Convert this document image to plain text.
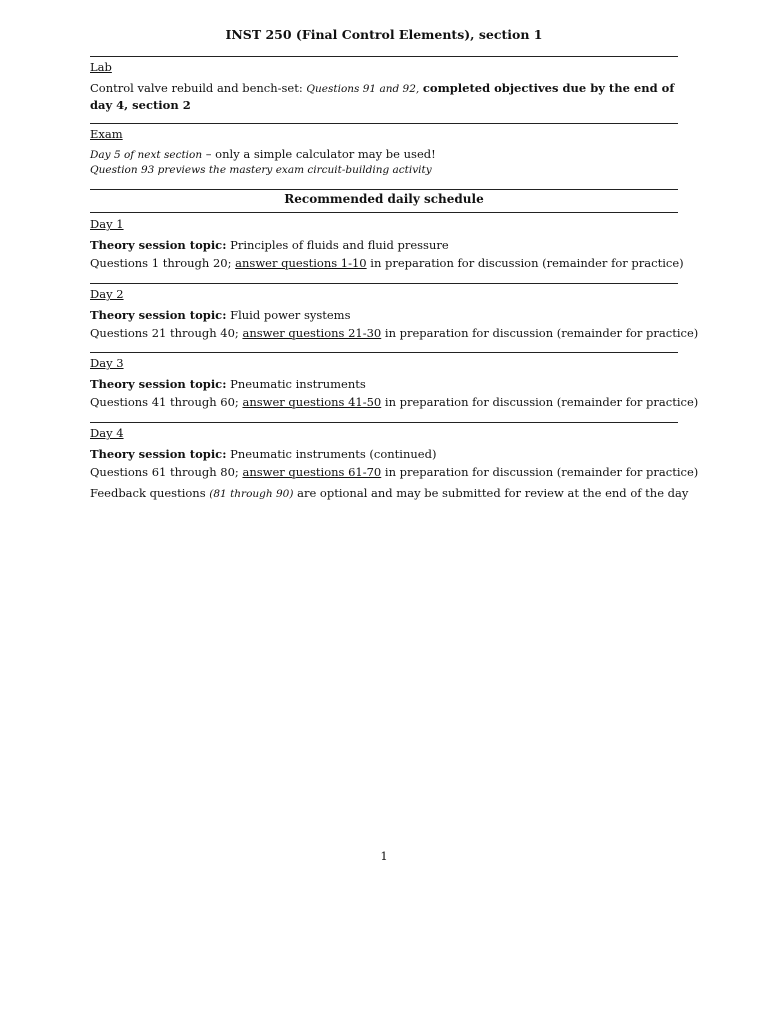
INST 250 (Final Control Elements), section 1
Lab
Control valve rebuild and bench-set: Questions 91 and 92, completed objectives due by the end of day 4, section 2
Exam
Day 5 of next section – only a simple calculator may be used!
Question 93 previews the mastery exam circuit-building activity
Recommended daily schedule
Day 1
Theory session topic: Principles of fluids and fluid pressure
Questions 1 through 20; answer questions 1-10 in preparation for discussion (remainder for practice)
Day 2
Theory session topic: Fluid power systems
Questions 21 through 40; answer questions 21-30 in preparation for discussion (remainder for practice)
Day 3
Theory session topic: Pneumatic instruments
Questions 41 through 60; answer questions 41-50 in preparation for discussion (remainder for practice)
Day 4
Theory session topic: Pneumatic instruments (continued)
Questions 61 through 80; answer questions 61-70 in preparation for discussion (remainder for practice)
Feedback questions (81 through 90) are optional and may be submitted for review at the end of the day
1
